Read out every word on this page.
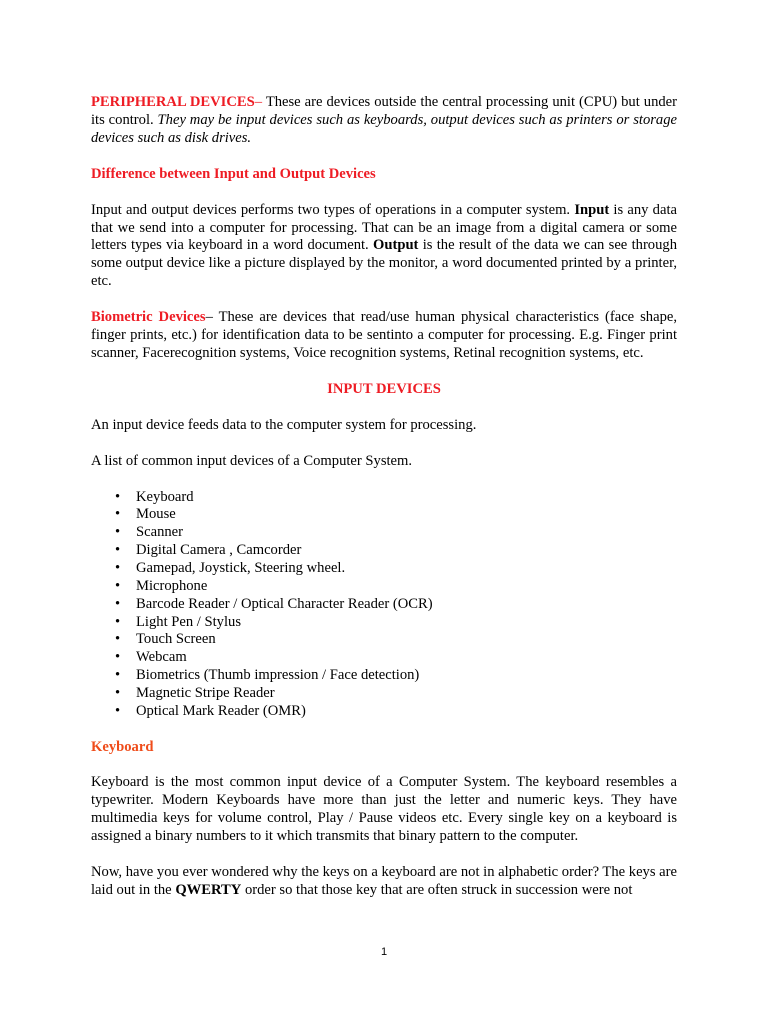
PERIPHERAL DEVICES– These are devices outside the central processing unit (CPU) but under its control. They may be input devices such as keyboards, output devices such as printers or storage devices such as disk drives.

Difference between Input and Output Devices

Input and output devices performs two types of operations in a computer system. Input is any data that we send into a computer for processing. That can be an image from a digital camera or some letters types via keyboard in a word document. Output is the result of the data we can see through some output device like a picture displayed by the monitor, a word documented printed by a printer, etc.

Biometric Devices– These are devices that read/use human physical characteristics (face shape, finger prints, etc.) for identification data to be sentinto a computer for processing. E.g. Finger print scanner, Facerecognition systems, Voice recognition systems, Retinal recognition systems, etc.

INPUT DEVICES

An input device feeds data to the computer system for processing.

A list of common input devices of a Computer System.

• Keyboard
• Mouse
• Scanner
• Digital Camera , Camcorder
• Gamepad, Joystick, Steering wheel.
• Microphone
• Barcode Reader / Optical Character Reader (OCR)
• Light Pen / Stylus
• Touch Screen
• Webcam
• Biometrics (Thumb impression / Face detection)
• Magnetic Stripe Reader
• Optical Mark Reader (OMR)

Keyboard

Keyboard is the most common input device of a Computer System. The keyboard resembles a typewriter. Modern Keyboards have more than just the letter and numeric keys. They have multimedia keys for volume control, Play / Pause videos etc. Every single key on a keyboard is assigned a binary numbers to it which transmits that binary pattern to the computer.

Now, have you ever wondered why the keys on a keyboard are not in alphabetic order? The keys are laid out in the QWERTY order so that those key that are often struck in succession were not

1
